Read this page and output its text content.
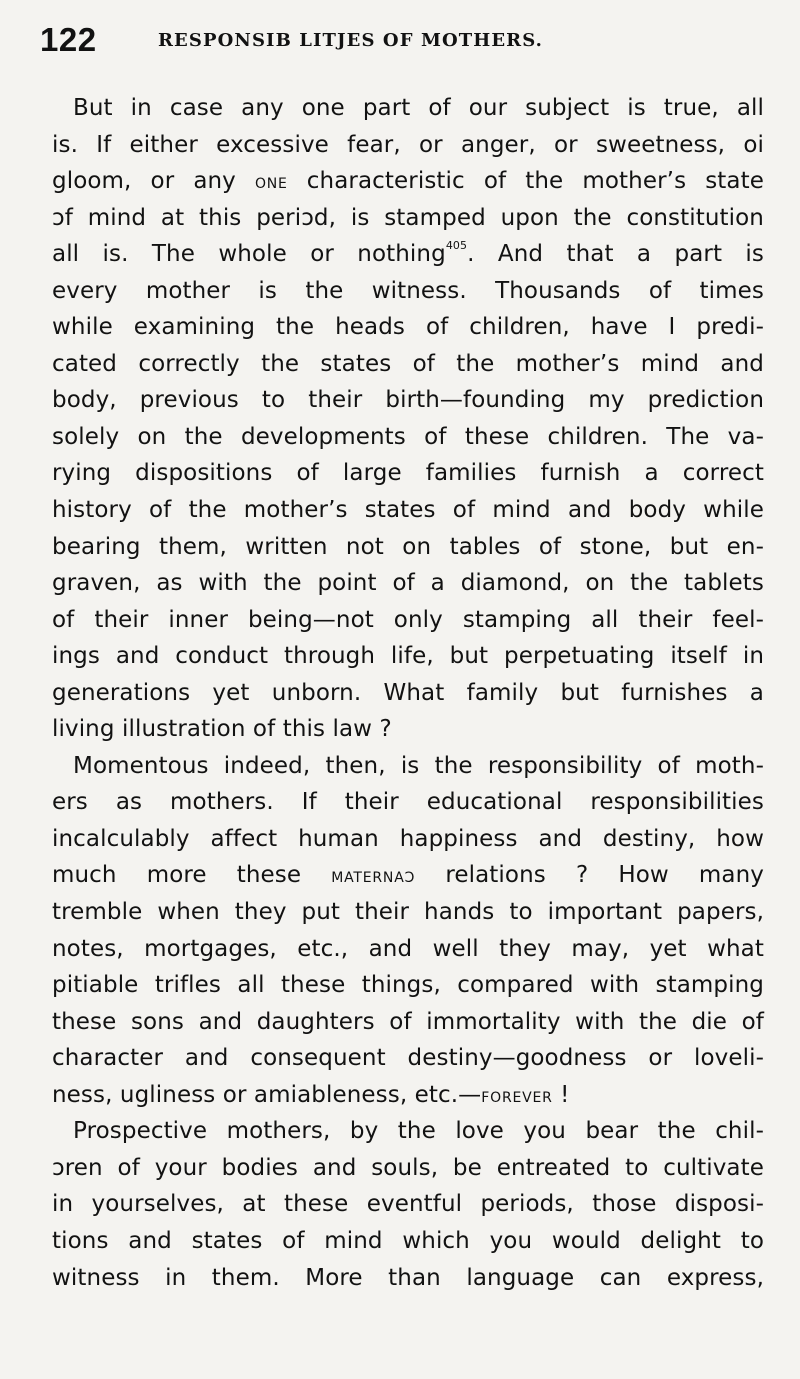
122	RESPONSIB LITJES OF MOTHERS.
But in case any one part of our subject is true, all
is. If either excessive fear, or anger, or sweetness, oi
gloom, or any one characteristic of the mother’s state
ↄf mind at this periↄd, is stamped upon the constitution
all is. The whole or nothing$^{405}$. And that a part is
every mother is the witness. Thousands of times
while examining the heads of children, have I predi-
cated correctly the states of the mother’s mind and
body, previous to their birth—founding my prediction
solely on the developments of these children. The va-
rying dispositions of large families furnish a correct
history of the mother’s states of mind and body while
bearing them, written not on tables of stone, but en-
graven, as with the point of a diamond, on the tablets
of their inner being—not only stamping all their feel-
ings and conduct through life, but perpetuating itself in
generations yet unborn. What family but furnishes a
living illustration of this law ?
Momentous indeed, then, is the responsibility of moth-
ers as mothers. If their educational responsibilities
incalculably affect human happiness and destiny, how
much more these maternaↄ relations ? How many
tremble when they put their hands to important papers,
notes, mortgages, etc., and well they may, yet what
pitiable trifles all these things, compared with stamping
these sons and daughters of immortality with the die of
character and consequent destiny—goodness or loveli-
ness, ugliness or amiableness, etc.—forever !
Prospective mothers, by the love you bear the chil-
ↄren of your bodies and souls, be entreated to cultivate
in yourselves, at these eventful periods, those disposi-
tions and states of mind which you would delight to
witness in them. More than language can express,
